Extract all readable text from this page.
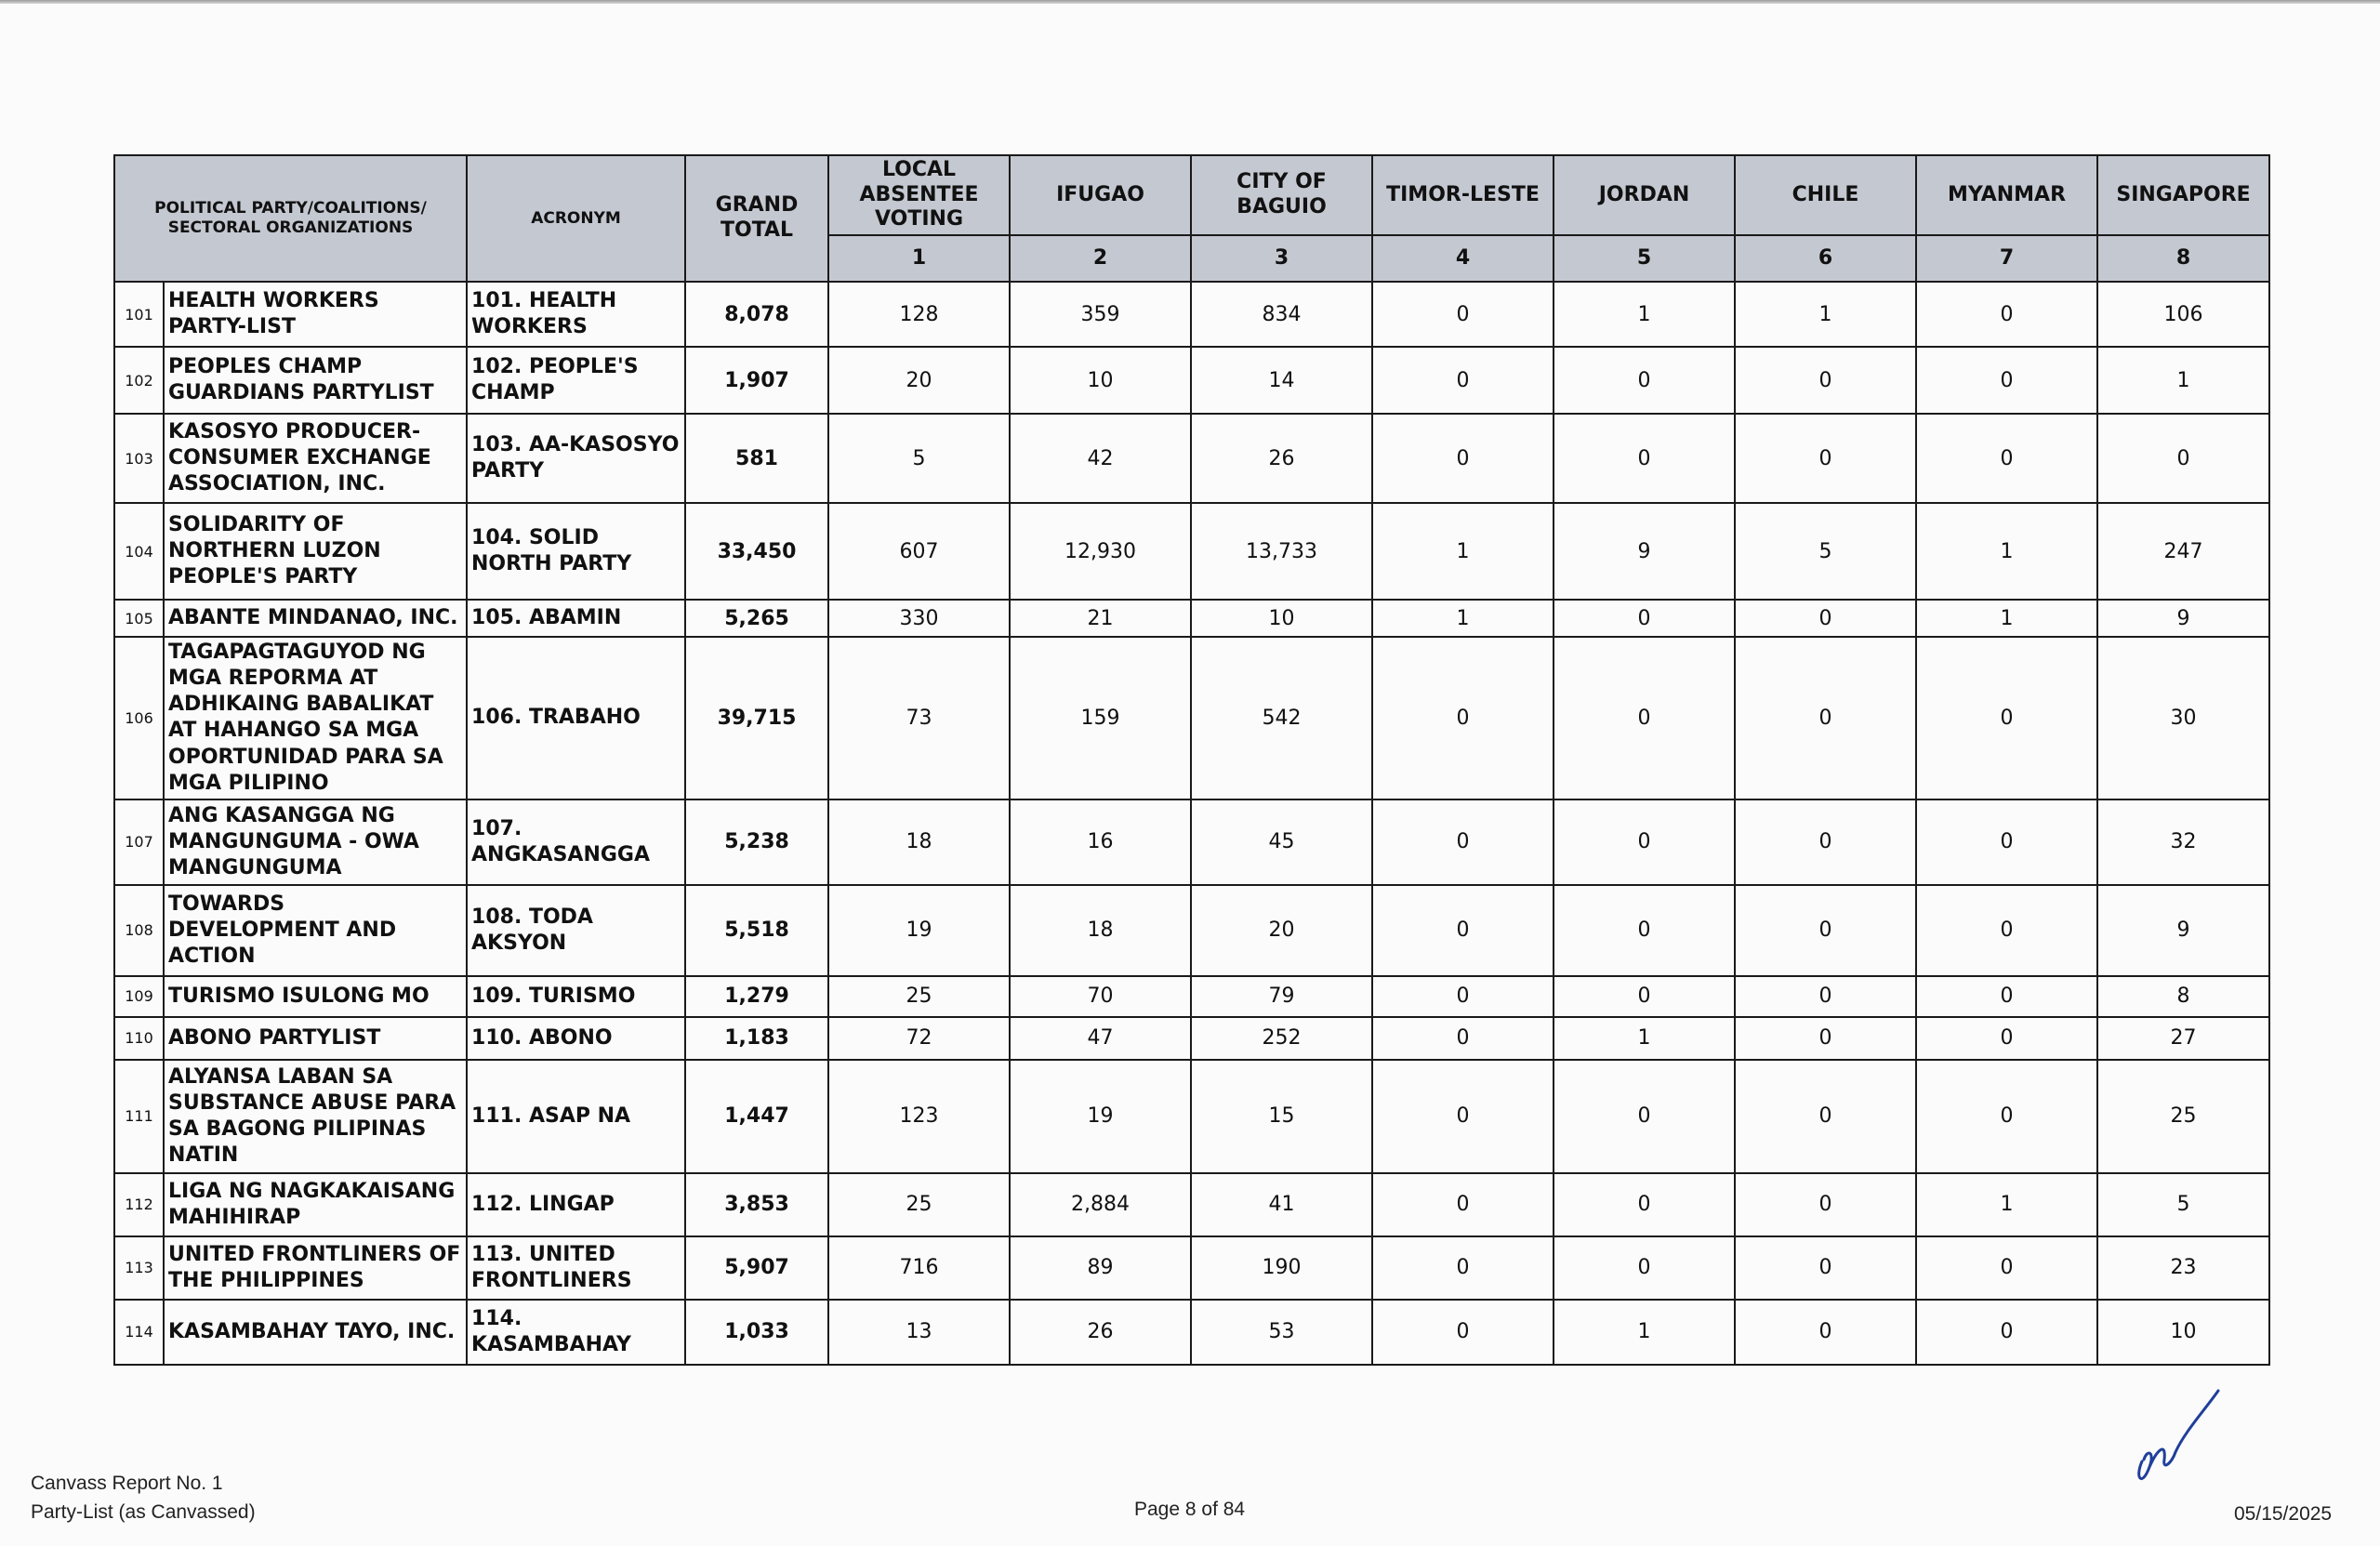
POLITICAL PARTY/COALITIONS/ SECTORAL ORGANIZATIONS		ACRONYM	GRAND TOTAL	LOCAL ABSENTEE VOTING	IFUGAO	CITY OF BAGUIO	TIMOR-LESTE	JORDAN	CHILE	MYANMAR	SINGAPORE
				1	2	3	4	5	6	7	8
101	HEALTH WORKERS PARTY-LIST	101. HEALTH WORKERS	8,078	128	359	834	0	1	1	0	106
102	PEOPLES CHAMP GUARDIANS PARTYLIST	102. PEOPLE'S CHAMP	1,907	20	10	14	0	0	0	0	1
103	KASOSYO PRODUCER-CONSUMER EXCHANGE ASSOCIATION, INC.	103. AA-KASOSYO PARTY	581	5	42	26	0	0	0	0	0
104	SOLIDARITY OF NORTHERN LUZON PEOPLE'S PARTY	104. SOLID NORTH PARTY	33,450	607	12,930	13,733	1	9	5	1	247
105	ABANTE MINDANAO, INC.	105. ABAMIN	5,265	330	21	10	1	0	0	1	9
106	TAGAPAGTAGUYOD NG MGA REPORMA AT ADHIKAING BABALIKAT AT HAHANGO SA MGA OPORTUNIDAD PARA SA MGA PILIPINO	106. TRABAHO	39,715	73	159	542	0	0	0	0	30
107	ANG KASANGGA NG MANGUNGUMA - OWA MANGUNGUMA	107. ANGKASANGGA	5,238	18	16	45	0	0	0	0	32
108	TOWARDS DEVELOPMENT AND ACTION	108. TODA AKSYON	5,518	19	18	20	0	0	0	0	9
109	TURISMO ISULONG MO	109. TURISMO	1,279	25	70	79	0	0	0	0	8
110	ABONO PARTYLIST	110. ABONO	1,183	72	47	252	0	1	0	0	27
111	ALYANSA LABAN SA SUBSTANCE ABUSE PARA SA BAGONG PILIPINAS NATIN	111. ASAP NA	1,447	123	19	15	0	0	0	0	25
112	LIGA NG NAGKAKAISANG MAHIHIRAP	112. LINGAP	3,853	25	2,884	41	0	0	0	1	5
113	UNITED FRONTLINERS OF THE PHILIPPINES	113. UNITED FRONTLINERS	5,907	716	89	190	0	0	0	0	23
114	KASAMBAHAY TAYO, INC.	114. KASAMBAHAY	1,033	13	26	53	0	1	0	0	10
Canvass Report No. 1
Party-List (as Canvassed)	Page 8 of 84	05/15/2025
